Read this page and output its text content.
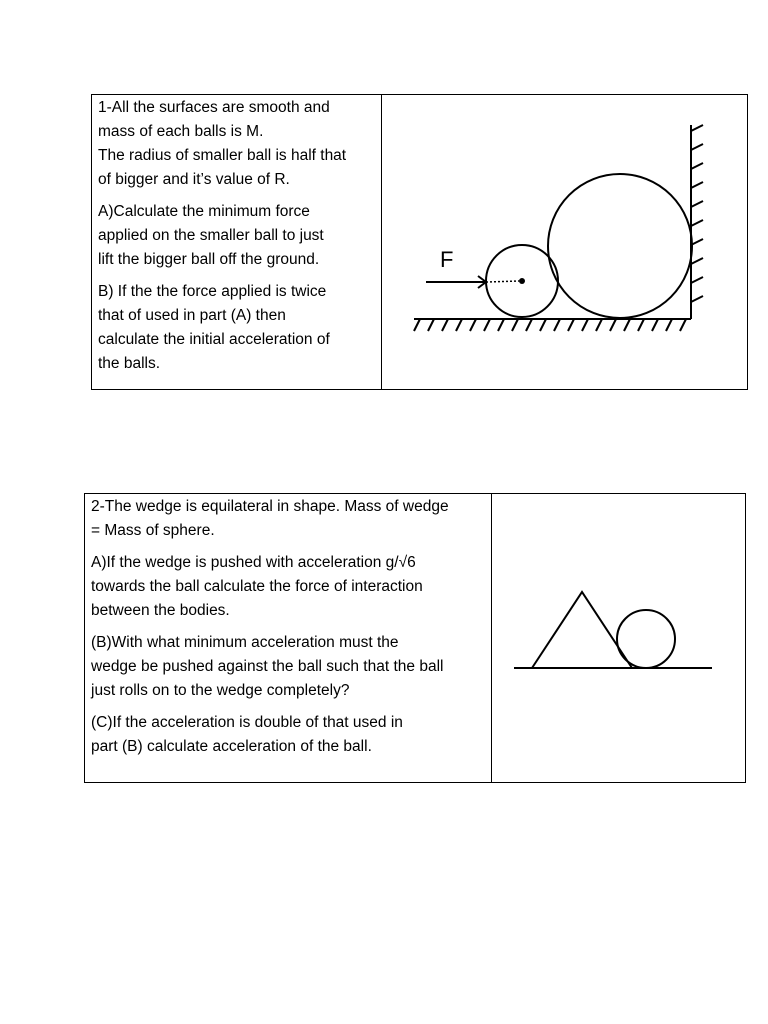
1-All the surfaces are smooth and
mass of each balls is M.
The radius of smaller ball is half that
of bigger and it’s value of R.

A)Calculate the minimum force
applied on the smaller ball to just
lift the bigger ball off the ground.

B) If the the force applied is twice
that of used in part (A) then
calculate the initial acceleration of
the balls.

F

2-The wedge is equilateral in shape. Mass of wedge
= Mass of sphere.

A)If the wedge is pushed with acceleration g/√6
towards the ball calculate the force of interaction
between the bodies.

(B)With what minimum acceleration must the
wedge be pushed against the ball such that the ball
just rolls on to the wedge completely?

(C)If the acceleration is double of that used in
part (B) calculate acceleration of the ball.
